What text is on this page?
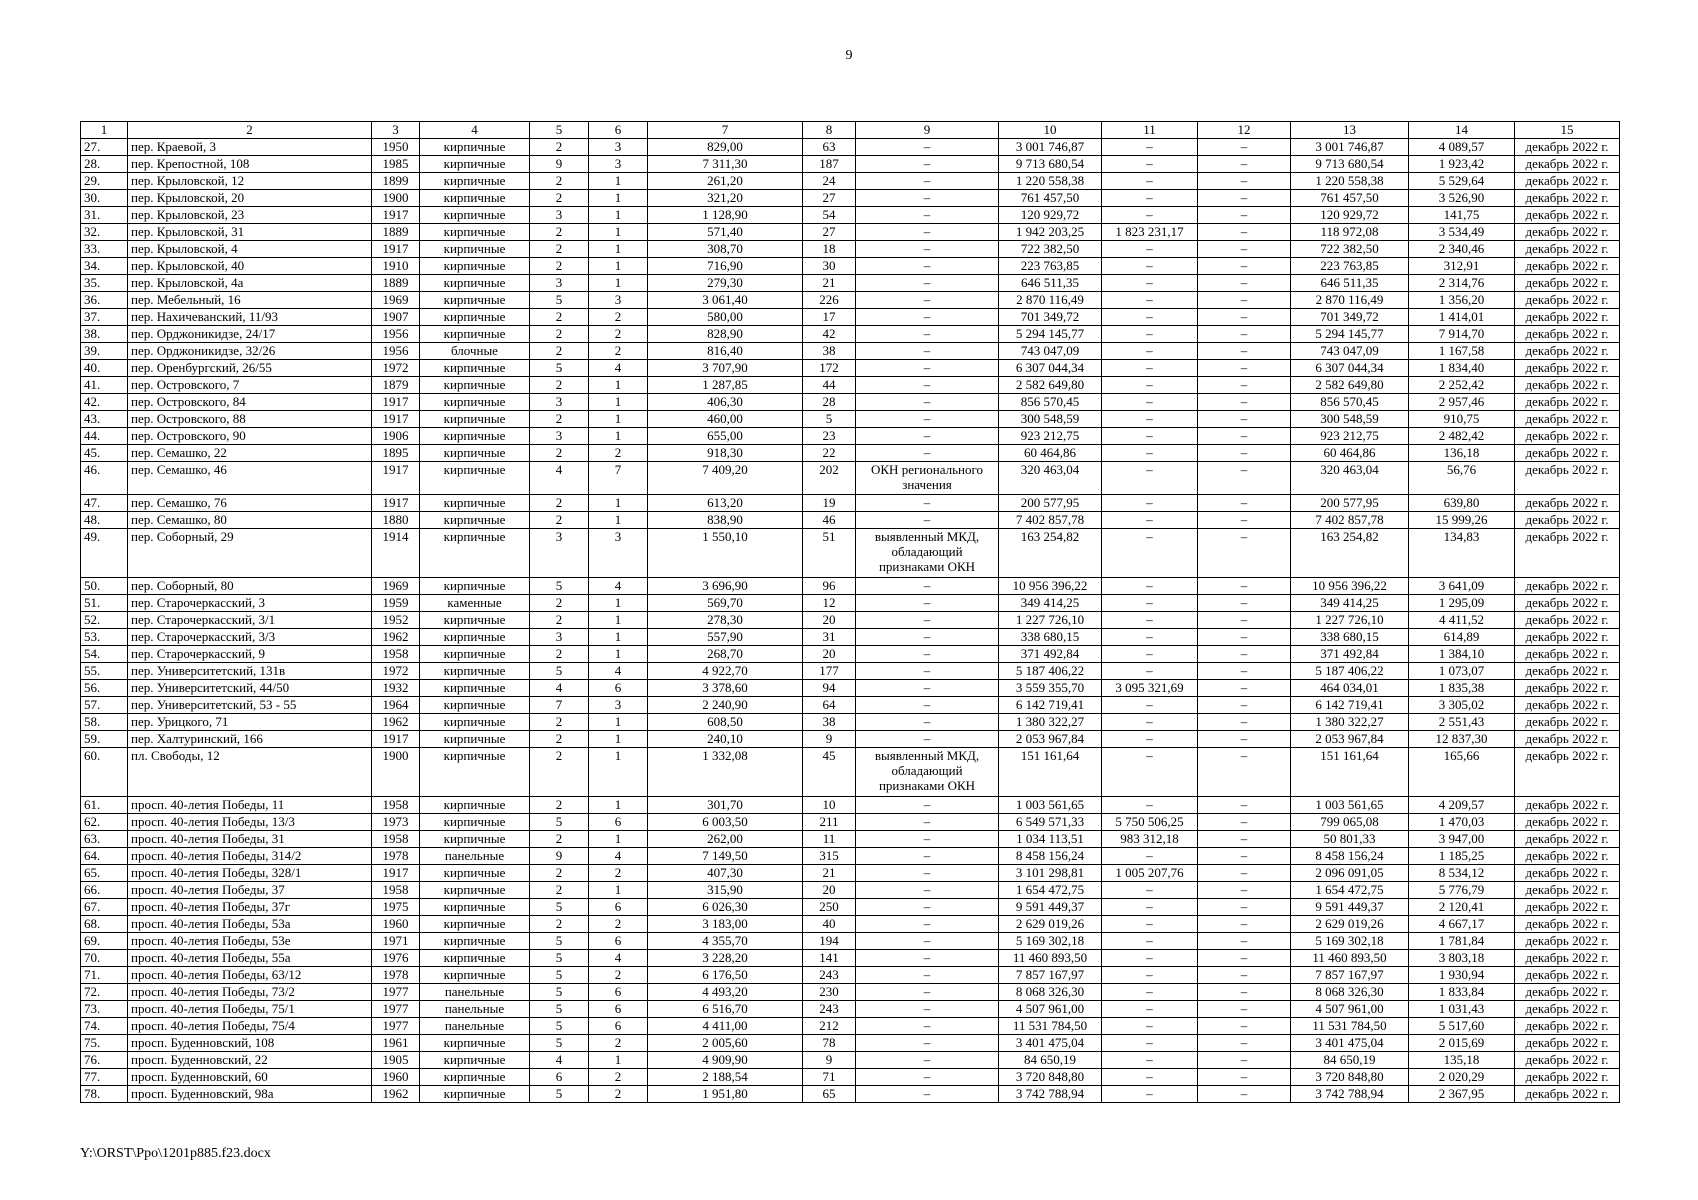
9
1	2	3	4	5	6	7	8	9	10	11	12	13	14	15
27.	пер. Краевой, 3	1950	кирпичные	2	3	829,00	63	–	3 001 746,87	–	–	3 001 746,87	4 089,57	декабрь 2022 г.
28.	пер. Крепостной, 108	1985	кирпичные	9	3	7 311,30	187	–	9 713 680,54	–	–	9 713 680,54	1 923,42	декабрь 2022 г.
29.	пер. Крыловской, 12	1899	кирпичные	2	1	261,20	24	–	1 220 558,38	–	–	1 220 558,38	5 529,64	декабрь 2022 г.
30.	пер. Крыловской, 20	1900	кирпичные	2	1	321,20	27	–	761 457,50	–	–	761 457,50	3 526,90	декабрь 2022 г.
31.	пер. Крыловской, 23	1917	кирпичные	3	1	1 128,90	54	–	120 929,72	–	–	120 929,72	141,75	декабрь 2022 г.
32.	пер. Крыловской, 31	1889	кирпичные	2	1	571,40	27	–	1 942 203,25	1 823 231,17	–	118 972,08	3 534,49	декабрь 2022 г.
33.	пер. Крыловской, 4	1917	кирпичные	2	1	308,70	18	–	722 382,50	–	–	722 382,50	2 340,46	декабрь 2022 г.
34.	пер. Крыловской, 40	1910	кирпичные	2	1	716,90	30	–	223 763,85	–	–	223 763,85	312,91	декабрь 2022 г.
35.	пер. Крыловской, 4а	1889	кирпичные	3	1	279,30	21	–	646 511,35	–	–	646 511,35	2 314,76	декабрь 2022 г.
36.	пер. Мебельный, 16	1969	кирпичные	5	3	3 061,40	226	–	2 870 116,49	–	–	2 870 116,49	1 356,20	декабрь 2022 г.
37.	пер. Нахичеванский, 11/93	1907	кирпичные	2	2	580,00	17	–	701 349,72	–	–	701 349,72	1 414,01	декабрь 2022 г.
38.	пер. Орджоникидзе, 24/17	1956	кирпичные	2	2	828,90	42	–	5 294 145,77	–	–	5 294 145,77	7 914,70	декабрь 2022 г.
39.	пер. Орджоникидзе, 32/26	1956	блочные	2	2	816,40	38	–	743 047,09	–	–	743 047,09	1 167,58	декабрь 2022 г.
40.	пер. Оренбургский, 26/55	1972	кирпичные	5	4	3 707,90	172	–	6 307 044,34	–	–	6 307 044,34	1 834,40	декабрь 2022 г.
41.	пер. Островского, 7	1879	кирпичные	2	1	1 287,85	44	–	2 582 649,80	–	–	2 582 649,80	2 252,42	декабрь 2022 г.
42.	пер. Островского, 84	1917	кирпичные	3	1	406,30	28	–	856 570,45	–	–	856 570,45	2 957,46	декабрь 2022 г.
43.	пер. Островского, 88	1917	кирпичные	2	1	460,00	5	–	300 548,59	–	–	300 548,59	910,75	декабрь 2022 г.
44.	пер. Островского, 90	1906	кирпичные	3	1	655,00	23	–	923 212,75	–	–	923 212,75	2 482,42	декабрь 2022 г.
45.	пер. Семашко, 22	1895	кирпичные	2	2	918,30	22	–	60 464,86	–	–	60 464,86	136,18	декабрь 2022 г.
46.	пер. Семашко, 46	1917	кирпичные	4	7	7 409,20	202	ОКН регионального значения	320 463,04	–	–	320 463,04	56,76	декабрь 2022 г.
47.	пер. Семашко, 76	1917	кирпичные	2	1	613,20	19	–	200 577,95	–	–	200 577,95	639,80	декабрь 2022 г.
48.	пер. Семашко, 80	1880	кирпичные	2	1	838,90	46	–	7 402 857,78	–	–	7 402 857,78	15 999,26	декабрь 2022 г.
49.	пер. Соборный, 29	1914	кирпичные	3	3	1 550,10	51	выявленный МКД, обладающий признаками ОКН	163 254,82	–	–	163 254,82	134,83	декабрь 2022 г.
50.	пер. Соборный, 80	1969	кирпичные	5	4	3 696,90	96	–	10 956 396,22	–	–	10 956 396,22	3 641,09	декабрь 2022 г.
51.	пер. Старочеркасский, 3	1959	каменные	2	1	569,70	12	–	349 414,25	–	–	349 414,25	1 295,09	декабрь 2022 г.
52.	пер. Старочеркасский, 3/1	1952	кирпичные	2	1	278,30	20	–	1 227 726,10	–	–	1 227 726,10	4 411,52	декабрь 2022 г.
53.	пер. Старочеркасский, 3/3	1962	кирпичные	3	1	557,90	31	–	338 680,15	–	–	338 680,15	614,89	декабрь 2022 г.
54.	пер. Старочеркасский, 9	1958	кирпичные	2	1	268,70	20	–	371 492,84	–	–	371 492,84	1 384,10	декабрь 2022 г.
55.	пер. Университетский, 131в	1972	кирпичные	5	4	4 922,70	177	–	5 187 406,22	–	–	5 187 406,22	1 073,07	декабрь 2022 г.
56.	пер. Университетский, 44/50	1932	кирпичные	4	6	3 378,60	94	–	3 559 355,70	3 095 321,69	–	464 034,01	1 835,38	декабрь 2022 г.
57.	пер. Университетский, 53 - 55	1964	кирпичные	7	3	2 240,90	64	–	6 142 719,41	–	–	6 142 719,41	3 305,02	декабрь 2022 г.
58.	пер. Урицкого, 71	1962	кирпичные	2	1	608,50	38	–	1 380 322,27	–	–	1 380 322,27	2 551,43	декабрь 2022 г.
59.	пер. Халтуринский, 166	1917	кирпичные	2	1	240,10	9	–	2 053 967,84	–	–	2 053 967,84	12 837,30	декабрь 2022 г.
60.	пл. Свободы, 12	1900	кирпичные	2	1	1 332,08	45	выявленный МКД, обладающий признаками ОКН	151 161,64	–	–	151 161,64	165,66	декабрь 2022 г.
61.	просп. 40-летия Победы, 11	1958	кирпичные	2	1	301,70	10	–	1 003 561,65	–	–	1 003 561,65	4 209,57	декабрь 2022 г.
62.	просп. 40-летия Победы, 13/3	1973	кирпичные	5	6	6 003,50	211	–	6 549 571,33	5 750 506,25	–	799 065,08	1 470,03	декабрь 2022 г.
63.	просп. 40-летия Победы, 31	1958	кирпичные	2	1	262,00	11	–	1 034 113,51	983 312,18	–	50 801,33	3 947,00	декабрь 2022 г.
64.	просп. 40-летия Победы, 314/2	1978	панельные	9	4	7 149,50	315	–	8 458 156,24	–	–	8 458 156,24	1 185,25	декабрь 2022 г.
65.	просп. 40-летия Победы, 328/1	1917	кирпичные	2	2	407,30	21	–	3 101 298,81	1 005 207,76	–	2 096 091,05	8 534,12	декабрь 2022 г.
66.	просп. 40-летия Победы, 37	1958	кирпичные	2	1	315,90	20	–	1 654 472,75	–	–	1 654 472,75	5 776,79	декабрь 2022 г.
67.	просп. 40-летия Победы, 37г	1975	кирпичные	5	6	6 026,30	250	–	9 591 449,37	–	–	9 591 449,37	2 120,41	декабрь 2022 г.
68.	просп. 40-летия Победы, 53а	1960	кирпичные	2	2	3 183,00	40	–	2 629 019,26	–	–	2 629 019,26	4 667,17	декабрь 2022 г.
69.	просп. 40-летия Победы, 53е	1971	кирпичные	5	6	4 355,70	194	–	5 169 302,18	–	–	5 169 302,18	1 781,84	декабрь 2022 г.
70.	просп. 40-летия Победы, 55а	1976	кирпичные	5	4	3 228,20	141	–	11 460 893,50	–	–	11 460 893,50	3 803,18	декабрь 2022 г.
71.	просп. 40-летия Победы, 63/12	1978	кирпичные	5	2	6 176,50	243	–	7 857 167,97	–	–	7 857 167,97	1 930,94	декабрь 2022 г.
72.	просп. 40-летия Победы, 73/2	1977	панельные	5	6	4 493,20	230	–	8 068 326,30	–	–	8 068 326,30	1 833,84	декабрь 2022 г.
73.	просп. 40-летия Победы, 75/1	1977	панельные	5	6	6 516,70	243	–	4 507 961,00	–	–	4 507 961,00	1 031,43	декабрь 2022 г.
74.	просп. 40-летия Победы, 75/4	1977	панельные	5	6	4 411,00	212	–	11 531 784,50	–	–	11 531 784,50	5 517,60	декабрь 2022 г.
75.	просп. Буденновский, 108	1961	кирпичные	5	2	2 005,60	78	–	3 401 475,04	–	–	3 401 475,04	2 015,69	декабрь 2022 г.
76.	просп. Буденновский, 22	1905	кирпичные	4	1	4 909,90	9	–	84 650,19	–	–	84 650,19	135,18	декабрь 2022 г.
77.	просп. Буденновский, 60	1960	кирпичные	6	2	2 188,54	71	–	3 720 848,80	–	–	3 720 848,80	2 020,29	декабрь 2022 г.
78.	просп. Буденновский, 98а	1962	кирпичные	5	2	1 951,80	65	–	3 742 788,94	–	–	3 742 788,94	2 367,95	декабрь 2022 г.
Y:\ORST\Ppo\1201p885.f23.docx
